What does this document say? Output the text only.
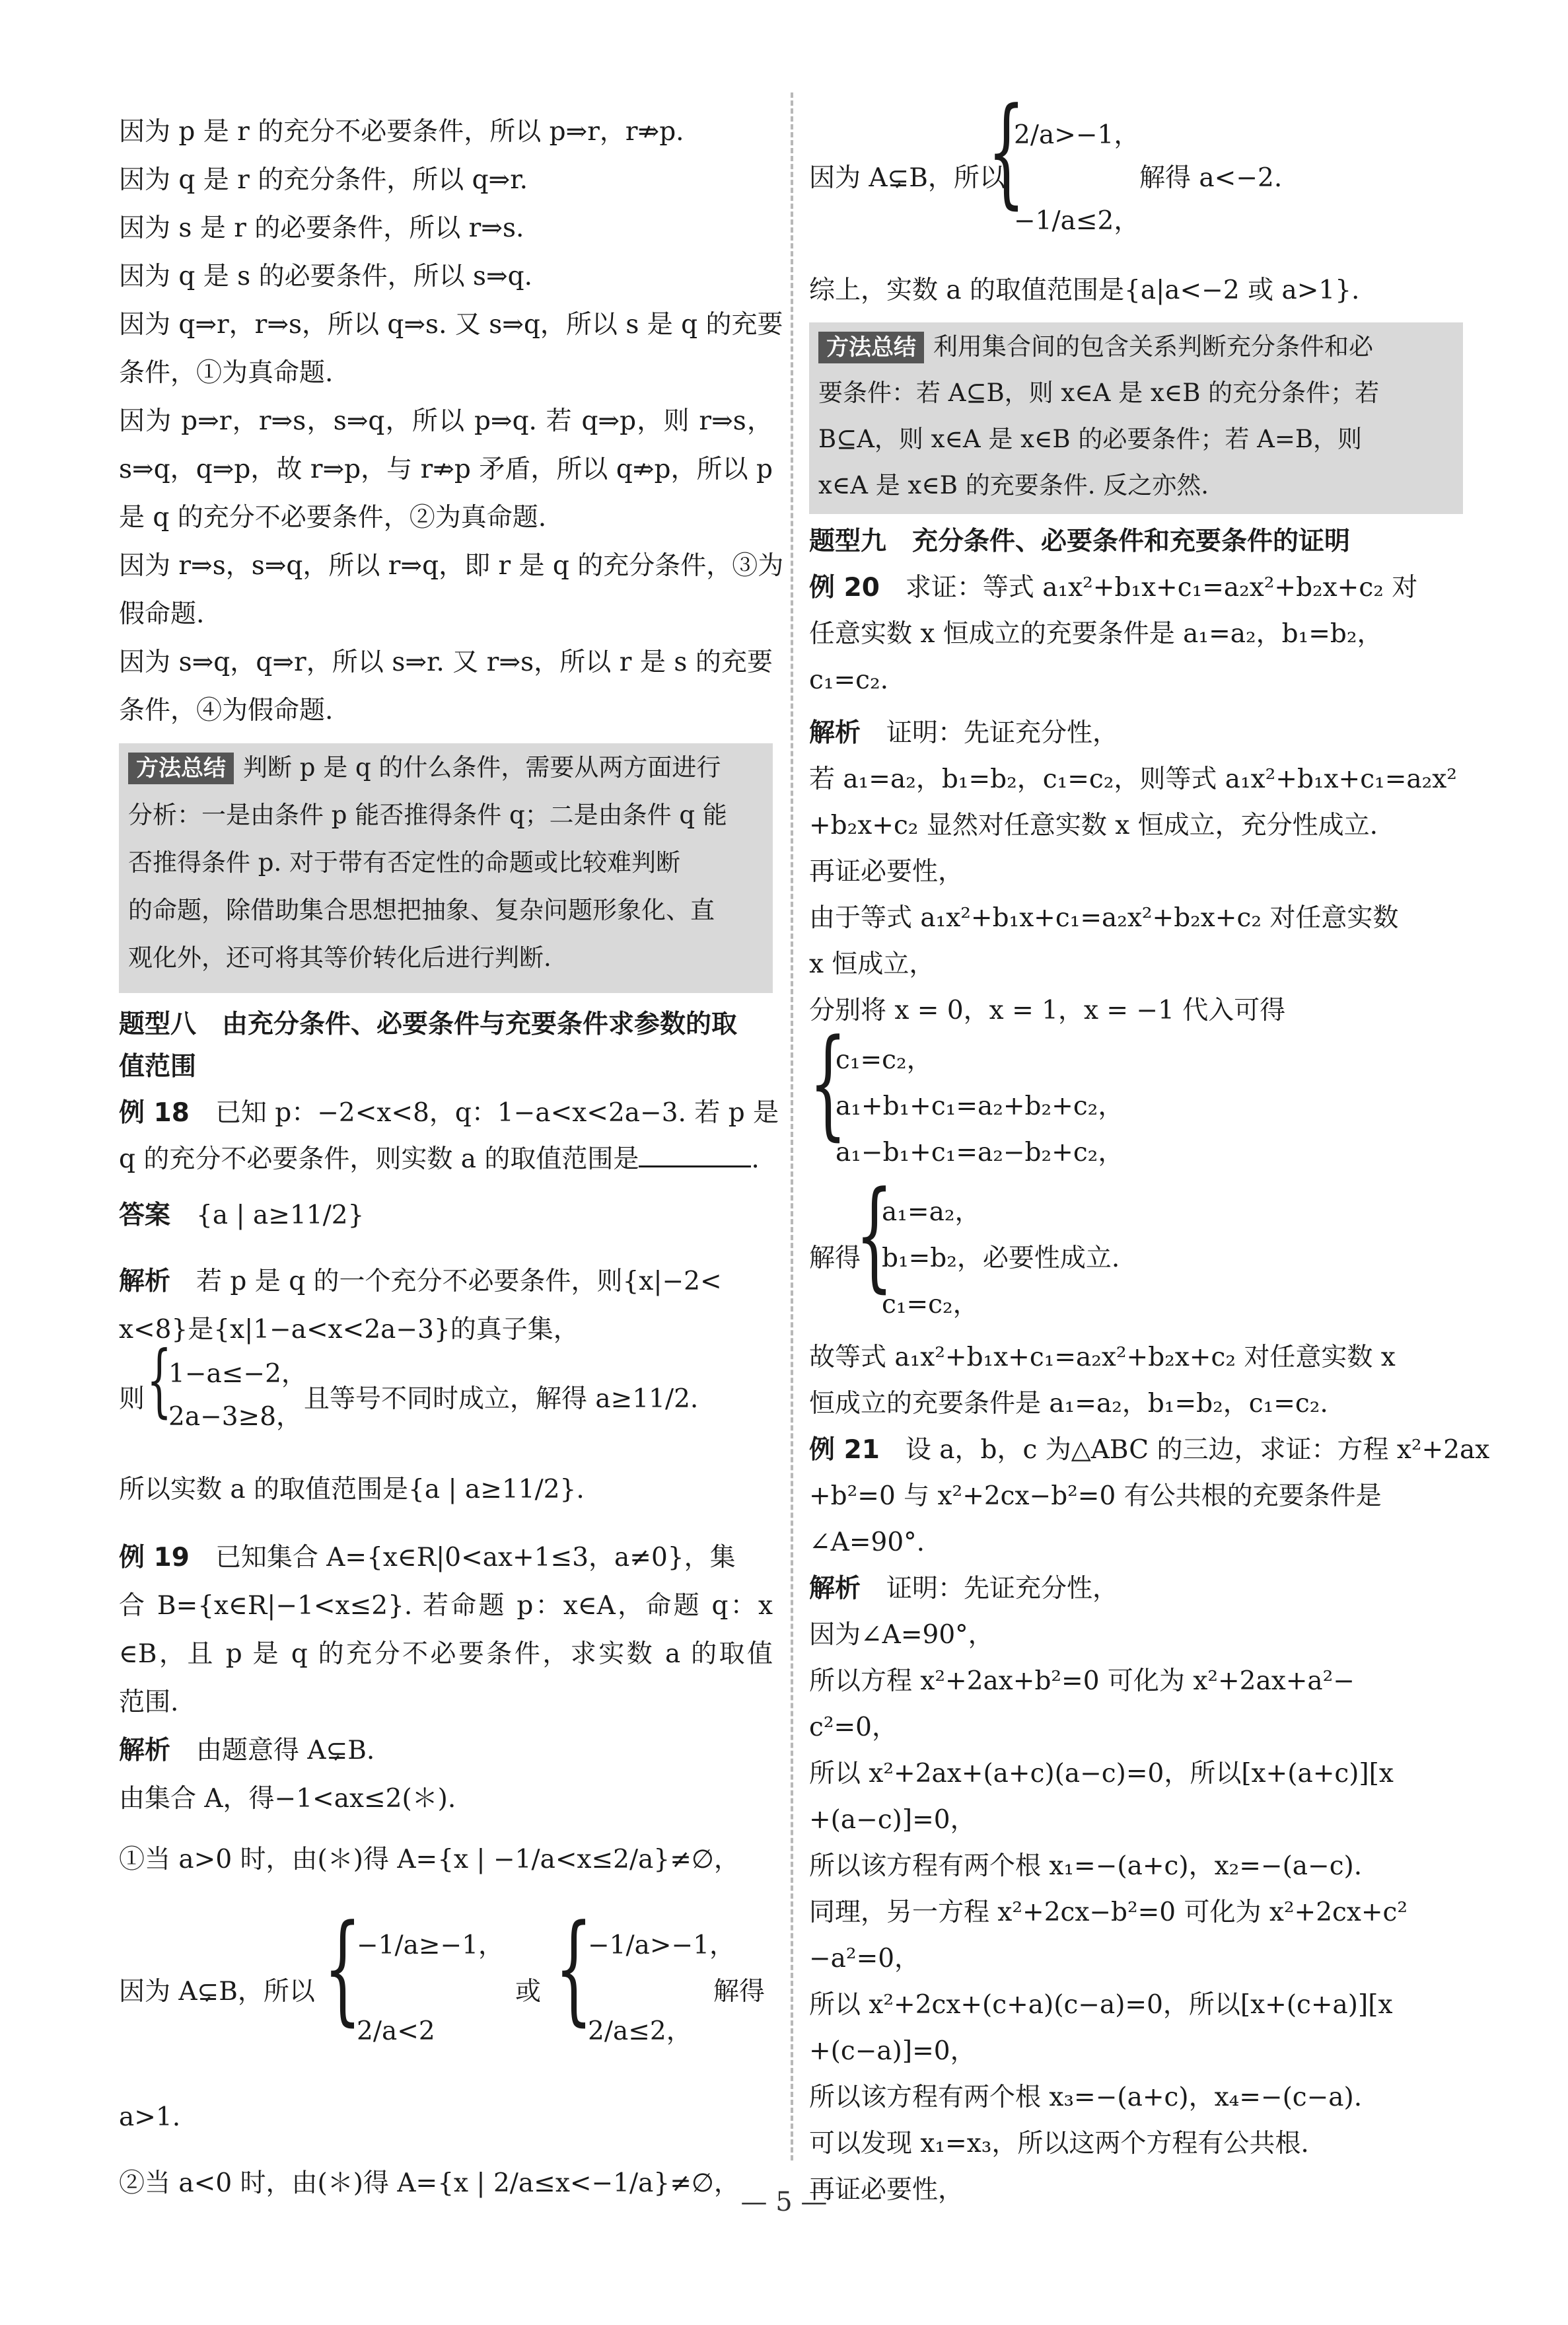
因为 p 是 r 的充分不必要条件，所以 p⇒r，r⇏p.
因为 q 是 r 的充分条件，所以 q⇒r.
因为 s 是 r 的必要条件，所以 r⇒s.
因为 q 是 s 的必要条件，所以 s⇒q.
因为 q⇒r，r⇒s，所以 q⇒s. 又 s⇒q，所以 s 是 q 的充要
条件，①为真命题.
因为 p⇒r，r⇒s，s⇒q，所以 p⇒q. 若 q⇒p，则 r⇒s，
s⇒q，q⇒p，故 r⇒p，与 r⇏p 矛盾，所以 q⇏p，所以 p
是 q 的充分不必要条件，②为真命题.
因为 r⇒s，s⇒q，所以 r⇒q，即 r 是 q 的充分条件，③为
假命题.
因为 s⇒q，q⇒r，所以 s⇒r. 又 r⇒s，所以 r 是 s 的充要
条件，④为假命题.
方法总结 判断 p 是 q 的什么条件，需要从两方面进行
分析：一是由条件 p 能否推得条件 q；二是由条件 q 能
否推得条件 p. 对于带有否定性的命题或比较难判断
的命题，除借助集合思想把抽象、复杂问题形象化、直
观化外，还可将其等价转化后进行判断.
题型八　由充分条件、必要条件与充要条件求参数的取
值范围
例 18　 已知 p：−2<x<8，q：1−a<x<2a−3. 若 p 是
q 的充分不必要条件，则实数 a 的取值范围是	.
答案　 {a | a≥11/2}
解析　 若 p 是 q 的一个充分不必要条件，则{x|−2<
x<8}是{x|1−a<x<2a−3}的真子集，
则 {
1−a≤−2，
2a−3≥8，
且等号不同时成立，解得 a≥11/2.
所以实数 a 的取值范围是{a | a≥11/2}.
例 19　 已知集合 A={x∈R|0<ax+1≤3，a≠0}，集
合 B={x∈R|−1<x≤2}. 若命题 p：x∈A，命题 q：x
∈B，且 p 是 q 的充分不必要条件，求实数 a 的取值
范围.
解析　 由题意得 A⊊B.
由集合 A，得−1<ax≤2(＊).
①当 a>0 时，由(＊)得 A={x | −1/a<x≤2/a}≠∅，
因为 A⊊B，所以 {
−1/a≥−1，
2/a<2
或 {
−1/a>−1，
2/a≤2，
解得
a>1.
②当 a<0 时，由(＊)得 A={x | 2/a≤x<−1/a}≠∅，
{
2/a>−1，
因为 A⊊B，所以
−1/a≤2，
解得 a<−2.
综上，实数 a 的取值范围是{a|a<−2 或 a>1}.
方法总结 利用集合间的包含关系判断充分条件和必
要条件：若 A⊆B，则 x∈A 是 x∈B 的充分条件；若
B⊆A，则 x∈A 是 x∈B 的必要条件；若 A=B，则
x∈A 是 x∈B 的充要条件. 反之亦然.
题型九　充分条件、必要条件和充要条件的证明
例 20　 求证：等式 a₁x²+b₁x+c₁=a₂x²+b₂x+c₂ 对
任意实数 x 恒成立的充要条件是 a₁=a₂，b₁=b₂，
c₁=c₂.
解析　 证明：先证充分性，
若 a₁=a₂，b₁=b₂，c₁=c₂，则等式 a₁x²+b₁x+c₁=a₂x²
+b₂x+c₂ 显然对任意实数 x 恒成立，充分性成立.
再证必要性，
由于等式 a₁x²+b₁x+c₁=a₂x²+b₂x+c₂ 对任意实数
x 恒成立，
分别将 x = 0，x = 1，x = −1 代入可得
{
c₁=c₂，
a₁+b₁+c₁=a₂+b₂+c₂，
a₁−b₁+c₁=a₂−b₂+c₂，
解得
{
a₁=a₂，
b₁=b₂，必要性成立.
c₁=c₂，
故等式 a₁x²+b₁x+c₁=a₂x²+b₂x+c₂ 对任意实数 x
恒成立的充要条件是 a₁=a₂，b₁=b₂，c₁=c₂.
例 21　 设 a，b，c 为△ABC 的三边，求证：方程 x²+2ax
+b²=0 与 x²+2cx−b²=0 有公共根的充要条件是
∠A=90°.
解析　 证明：先证充分性，
因为∠A=90°，
所以方程 x²+2ax+b²=0 可化为 x²+2ax+a²−
c²=0，
所以 x²+2ax+(a+c)(a−c)=0，所以[x+(a+c)][x
+(a−c)]=0，
所以该方程有两个根 x₁=−(a+c)，x₂=−(a−c).
同理，另一方程 x²+2cx−b²=0 可化为 x²+2cx+c²
−a²=0，
所以 x²+2cx+(c+a)(c−a)=0，所以[x+(c+a)][x
+(c−a)]=0，
所以该方程有两个根 x₃=−(a+c)，x₄=−(c−a).
可以发现 x₁=x₃，所以这两个方程有公共根.
再证必要性，
— 5 —
